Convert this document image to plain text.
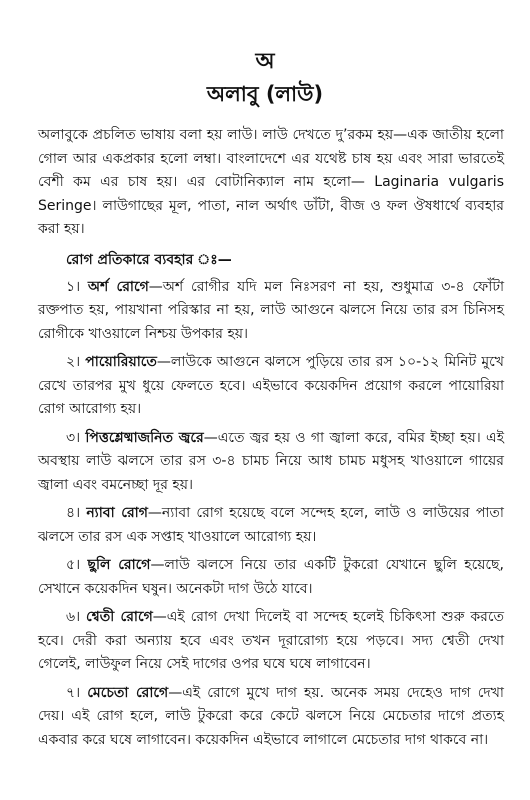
অ
অলাবু (লাউ)

অলাবুকে প্রচলিত ভাষায় বলা হয় লাউ। লাউ দেখতে দু’রকম হয়—এক জাতীয় হলো গোল আর একপ্রকার হলো লম্বা। বাংলাদেশে এর যথেষ্ট চাষ হয় এবং সারা ভারতেই বেশী কম এর চাষ হয়। এর বোটানিক্যাল নাম হলো— Laginaria vulgaris Seringe। লাউগাছের মূল, পাতা, নাল অর্থাৎ ডাঁটা, বীজ ও ফল ঔষধার্থে ব্যবহার করা হয়।

রোগ প্রতিকারে ব্যবহার ঃ—

১। অর্শ রোগে—অর্শ রোগীর যদি মল নিঃসরণ না হয়, শুধুমাত্র ৩-৪ ফোঁটা রক্তপাত হয়, পায়খানা পরিস্কার না হয়, লাউ আগুনে ঝলসে নিয়ে তার রস চিনিসহ রোগীকে খাওয়ালে নিশ্চয় উপকার হয়।

২। পায়োরিয়াতে—লাউকে আগুনে ঝলসে পুড়িয়ে তার রস ১০-১২ মিনিট মুখে রেখে তারপর মুখ ধুয়ে ফেলতে হবে। এইভাবে কয়েকদিন প্রয়োগ করলে পায়োরিয়া রোগ আরোগ্য হয়।

৩। পিত্তশ্লেষ্মাজনিত জ্বরে—এতে জ্বর হয় ও গা জ্বালা করে, বমির ইচ্ছা হয়। এই অবস্থায় লাউ ঝলসে তার রস ৩-৪ চামচ নিয়ে আধ চামচ মধুসহ খাওয়ালে গায়ের জ্বালা এবং বমনেচ্ছা দূর হয়।

৪। ন্যাবা রোগ—ন্যাবা রোগ হয়েছে বলে সন্দেহ হলে, লাউ ও লাউয়ের পাতা ঝলসে তার রস এক সপ্তাহ খাওয়ালে আরোগ্য হয়।

৫। ছুলি রোগে—লাউ ঝলসে নিয়ে তার একটি টুকরো যেখানে ছুলি হয়েছে, সেখানে কয়েকদিন ঘষুন। অনেকটা দাগ উঠে যাবে।

৬। শ্বেতী রোগে—এই রোগ দেখা দিলেই বা সন্দেহ হলেই চিকিৎসা শুরু করতে হবে। দেরী করা অন্যায় হবে এবং তখন দূরারোগ্য হয়ে পড়বে। সদ্য শ্বেতী দেখা গেলেই, লাউফুল নিয়ে সেই দাগের ওপর ঘষে ঘষে লাগাবেন।

৭। মেচেতা রোগে—এই রোগে মুখে দাগ হয়. অনেক সময় দেহেও দাগ দেখা দেয়। এই রোগ হলে, লাউ টুকরো করে কেটে ঝলসে নিয়ে মেচেতার দাগে প্রত্যহ একবার করে ঘষে লাগাবেন। কয়েকদিন এইভাবে লাগালে মেচেতার দাগ থাকবে না।
